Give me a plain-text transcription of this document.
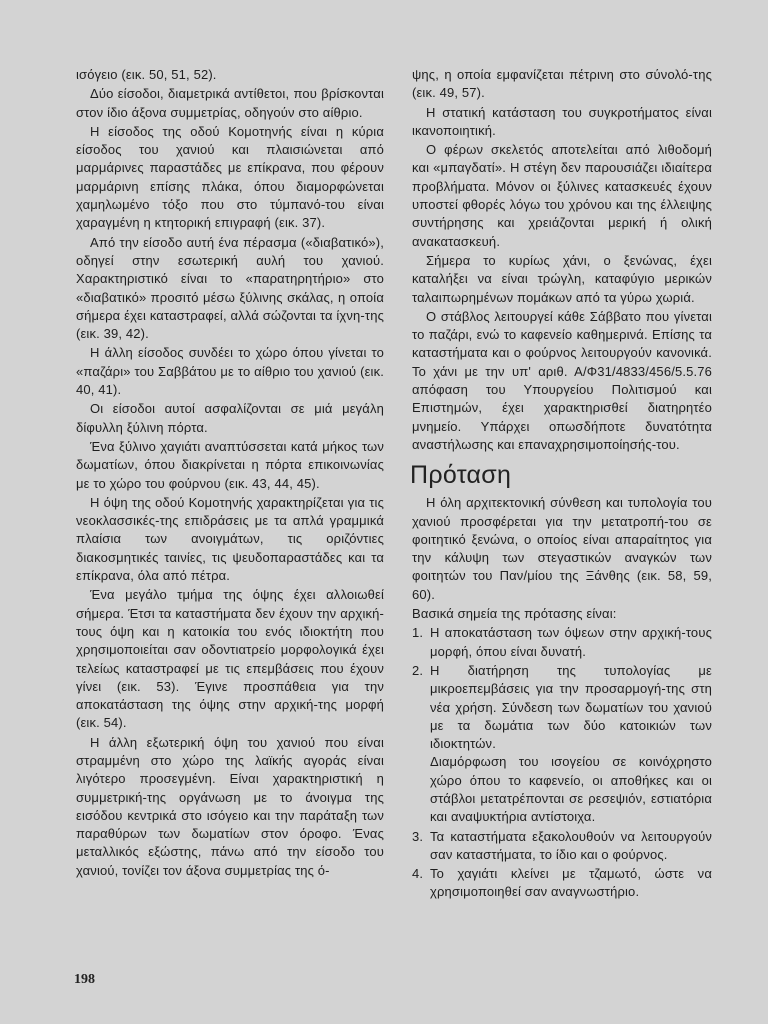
ισόγειο (εικ. 50, 51, 52).

Δύο είσοδοι, διαμετρικά αντίθετοι, που βρίσκονται στον ίδιο άξονα συμμετρίας, οδηγούν στο αίθριο.

Η είσοδος της οδού Κομοτηνής είναι η κύρια είσοδος του χανιού και πλαισιώνεται από μαρμάρινες παραστάδες με επίκρανα, που φέρουν μαρμάρινη επίσης πλάκα, όπου διαμορφώνεται χαμηλωμένο τόξο που στο τύμπανό-του είναι χαραγμένη η κτητορική επιγραφή (εικ. 37).

Από την είσοδο αυτή ένα πέρασμα («διαβατικό»), οδηγεί στην εσωτερική αυλή του χανιού. Χαρακτηριστικό είναι το «παρατηρητήριο» στο «διαβατικό» προσιτό μέσω ξύλινης σκάλας, η οποία σήμερα έχει καταστραφεί, αλλά σώζονται τα ίχνη-της (εικ. 39, 42).

Η άλλη είσοδος συνδέει το χώρο όπου γίνεται το «παζάρι» του Σαββάτου με το αίθριο του χανιού (εικ. 40, 41).

Οι είσοδοι αυτοί ασφαλίζονται σε μιά μεγάλη δίφυλλη ξύλινη πόρτα.

Ένα ξύλινο χαγιάτι αναπτύσσεται κατά μήκος των δωματίων, όπου διακρίνεται η πόρτα επικοινωνίας με το χώρο του φούρνου (εικ. 43, 44, 45).

Η όψη της οδού Κομοτηνής χαρακτηρίζεται για τις νεοκλασσικές-της επιδράσεις με τα απλά γραμμικά πλαίσια των ανοιγμάτων, τις οριζόντιες διακοσμητικές ταινίες, τις ψευδοπαραστάδες και τα επίκρανα, όλα από πέτρα.

Ένα μεγάλο τμήμα της όψης έχει αλλοιωθεί σήμερα. Έτσι τα καταστήματα δεν έχουν την αρχική-τους όψη και η κατοικία του ενός ιδιοκτήτη που χρησιμοποιείται σαν οδοντιατρείο μορφολογικά έχει τελείως καταστραφεί με τις επεμβάσεις που έχουν γίνει (εικ. 53). Έγινε προσπάθεια για την αποκατάσταση της όψης στην αρχική-της μορφή (εικ. 54).

Η άλλη εξωτερική όψη του χανιού που είναι στραμμένη στο χώρο της λαϊκής αγοράς είναι λιγότερο προσεγμένη. Είναι χαρακτηριστική η συμμετρική-της οργάνωση με το άνοιγμα της εισόδου κεντρικά στο ισόγειο και την παράταξη των παραθύρων των δωματίων στον όροφο. Ένας μεταλλικός εξώστης, πάνω από την είσοδο του χανιού, τονίζει τον άξονα συμμετρίας της ό-

ψης, η οποία εμφανίζεται πέτρινη στο σύνολό-της (εικ. 49, 57).

Η στατική κατάσταση του συγκροτήματος είναι ικανοποιητική.

Ο φέρων σκελετός αποτελείται από λιθοδομή και «μπαγδατί». Η στέγη δεν παρουσιάζει ιδιαίτερα προβλήματα. Μόνον οι ξύλινες κατασκευές έχουν υποστεί φθορές λόγω του χρόνου και της έλλειψης συντήρησης και χρειάζονται μερική ή ολική ανακατασκευή.

Σήμερα το κυρίως χάνι, ο ξενώνας, έχει καταλήξει να είναι τρώγλη, καταφύγιο μερικών ταλαιπωρημένων πομάκων από τα γύρω χωριά.

Ο στάβλος λειτουργεί κάθε Σάββατο που γίνεται το παζάρι, ενώ το καφενείο καθημερινά. Επίσης τα καταστήματα και ο φούρνος λειτουργούν κανονικά. Το χάνι με την υπ' αριθ. Α/Φ31/4833/456/5.5.76 απόφαση του Υπουργείου Πολιτισμού και Επιστημών, έχει χαρακτηρισθεί διατηρητέο μνημείο. Υπάρχει οπωσδήποτε δυνατότητα αναστήλωσης και επαναχρησιμοποίησής-του.

Πρόταση

Η όλη αρχιτεκτονική σύνθεση και τυπολογία του χανιού προσφέρεται για την μετατροπή-του σε φοιτητικό ξενώνα, ο οποίος είναι απαραίτητος για την κάλυψη των στεγαστικών αναγκών των φοιτητών του Παν/μίου της Ξάνθης (εικ. 58, 59, 60).

Βασικά σημεία της πρότασης είναι:

1. Η αποκατάσταση των όψεων στην αρχική-τους μορφή, όπου είναι δυνατή.

2. Η διατήρηση της τυπολογίας με μικροεπεμβάσεις για την προσαρμογή-της στη νέα χρήση. Σύνδεση των δωματίων του χανιού με τα δωμάτια των δύο κατοικιών των ιδιοκτητών.

Διαμόρφωση του ισογείου σε κοινόχρηστο χώρο όπου το καφενείο, οι αποθήκες και οι στάβλοι μετατρέπονται σε ρεσεψιόν, εστιατόρια και αναψυκτήρια αντίστοιχα.

3. Τα καταστήματα εξακολουθούν να λειτουργούν σαν καταστήματα, το ίδιο και ο φούρνος.

4. Το χαγιάτι κλείνει με τζαμωτό, ώστε να χρησιμοποιηθεί σαν αναγνωστήριο.

198
